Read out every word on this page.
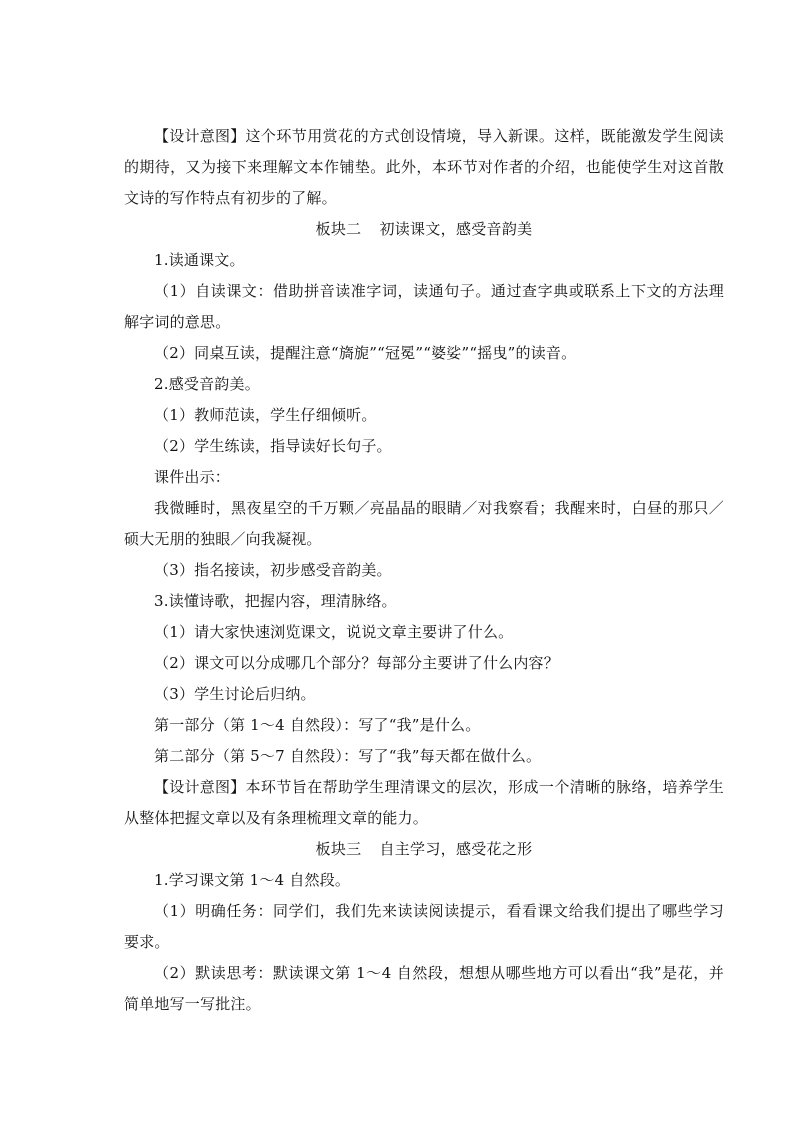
【设计意图】这个环节用赏花的方式创设情境，导入新课。这样，既能激发学生阅读的期待，又为接下来理解文本作铺垫。此外，本环节对作者的介绍，也能使学生对这首散文诗的写作特点有初步的了解。

板块二 初读课文，感受音韵美

1.读通课文。

（1）自读课文：借助拼音读准字词，读通句子。通过查字典或联系上下文的方法理解字词的意思。

（2）同桌互读，提醒注意“旖旎”“冠冕”“婆娑”“摇曳”的读音。

2.感受音韵美。

（1）教师范读，学生仔细倾听。

（2）学生练读，指导读好长句子。

课件出示：

我微睡时，黑夜星空的千万颗／亮晶晶的眼睛／对我察看；我醒来时，白昼的那只／硕大无朋的独眼／向我凝视。

（3）指名接读，初步感受音韵美。

3.读懂诗歌，把握内容，理清脉络。

（1）请大家快速浏览课文，说说文章主要讲了什么。

（2）课文可以分成哪几个部分？每部分主要讲了什么内容？

（3）学生讨论后归纳。

第一部分（第 1～4 自然段）：写了“我”是什么。

第二部分（第 5～7 自然段）：写了“我”每天都在做什么。

【设计意图】本环节旨在帮助学生理清课文的层次，形成一个清晰的脉络，培养学生从整体把握文章以及有条理梳理文章的能力。

板块三 自主学习，感受花之形

1.学习课文第 1～4 自然段。

（1）明确任务：同学们，我们先来读读阅读提示，看看课文给我们提出了哪些学习要求。

（2）默读思考：默读课文第 1～4 自然段，想想从哪些地方可以看出“我”是花，并简单地写一写批注。
